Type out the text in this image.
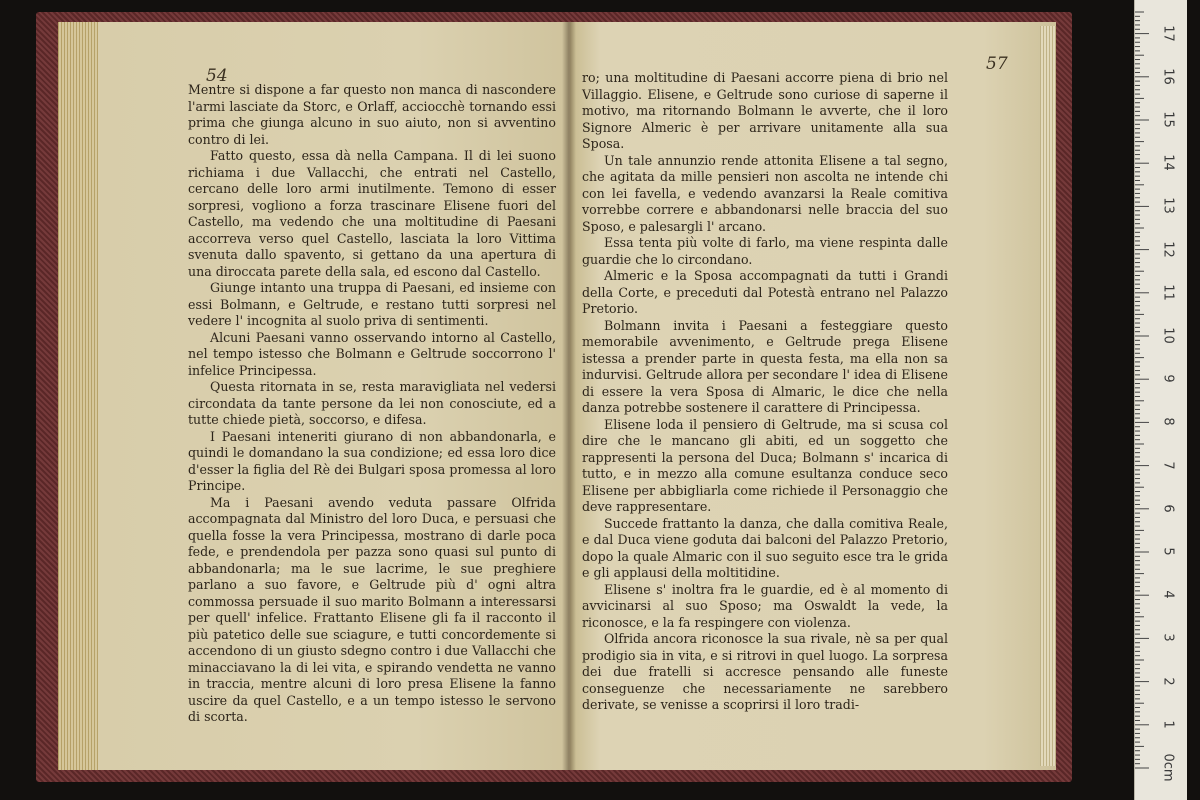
54

Mentre si dispone a far questo non manca di nascondere l'armi lasciate da Storc, e Orlaff, acciocchè tornando essi prima che giunga alcuno in suo aiuto, non si avventino contro di lei.

Fatto questo, essa dà nella Campana. Il di lei suono richiama i due Vallacchi, che entrati nel Castello, cercano delle loro armi inutilmente. Temono di esser sorpresi, vogliono a forza trascinare Elisene fuori del Castello, ma vedendo che una moltitudine di Paesani accorreva verso quel Castello, lasciata la loro Vittima svenuta dallo spavento, si gettano da una apertura di una diroccata parete della sala, ed escono dal Castello.

Giunge intanto una truppa di Paesani, ed insieme con essi Bolmann, e Geltrude, e restano tutti sorpresi nel vedere l' incognita al suolo priva di sentimenti.

Alcuni Paesani vanno osservando intorno al Castello, nel tempo istesso che Bolmann e Geltrude soccorrono l' infelice Principessa.

Questa ritornata in se, resta maravigliata nel vedersi circondata da tante persone da lei non conosciute, ed a tutte chiede pietà, soccorso, e difesa.

I Paesani inteneriti giurano di non abbandonarla, e quindi le domandano la sua condizione; ed essa loro dice d'esser la figlia del Rè dei Bulgari sposa promessa al loro Principe.

Ma i Paesani avendo veduta passare Olfrida accompagnata dal Ministro del loro Duca, e persuasi che quella fosse la vera Principessa, mostrano di darle poca fede, e prendendola per pazza sono quasi sul punto di abbandonarla; ma le sue lacrime, le sue preghiere parlano a suo favore, e Geltrude più d' ogni altra commossa persuade il suo marito Bolmann a interessarsi per quell' infelice. Frattanto Elisene gli fa il racconto il più patetico delle sue sciagure, e tutti concordemente si accendono di un giusto sdegno contro i due Vallacchi che minacciavano la di lei vita, e spirando vendetta ne vanno in traccia, mentre alcuni di loro presa Elisene la fanno uscire da quel Castello, e a un tempo istesso le servono di scorta.

57

ro; una moltitudine di Paesani accorre piena di brio nel Villaggio. Elisene, e Geltrude sono curiose di saperne il motivo, ma ritornando Bolmann le avverte, che il loro Signore Almeric è per arrivare unitamente alla sua Sposa.

Un tale annunzio rende attonita Elisene a tal segno, che agitata da mille pensieri non ascolta ne intende chi con lei favella, e vedendo avanzarsi la Reale comitiva vorrebbe correre e abbandonarsi nelle braccia del suo Sposo, e palesargli l' arcano.

Essa tenta più volte di farlo, ma viene respinta dalle guardie che lo circondano.

Almeric e la Sposa accompagnati da tutti i Grandi della Corte, e preceduti dal Potestà entrano nel Palazzo Pretorio.

Bolmann invita i Paesani a festeggiare questo memorabile avvenimento, e Geltrude prega Elisene istessa a prender parte in questa festa, ma ella non sa indurvisi. Geltrude allora per secondare l' idea di Elisene di essere la vera Sposa di Almaric, le dice che nella danza potrebbe sostenere il carattere di Principessa.

Elisene loda il pensiero di Geltrude, ma si scusa col dire che le mancano gli abiti, ed un soggetto che rappresenti la persona del Duca; Bolmann s' incarica di tutto, e in mezzo alla comune esultanza conduce seco Elisene per abbigliarla come richiede il Personaggio che deve rappresentare.

Succede frattanto la danza, che dalla comitiva Reale, e dal Duca viene goduta dai balconi del Palazzo Pretorio, dopo la quale Almaric con il suo seguito esce tra le grida e gli applausi della moltitidine.

Elisene s' inoltra fra le guardie, ed è al momento di avvicinarsi al suo Sposo; ma Oswaldt la vede, la riconosce, e la fa respingere con violenza.

Olfrida ancora riconosce la sua rivale, nè sa per qual prodigio sia in vita, e si ritrovi in quel luogo. La sorpresa dei due fratelli si accresce pensando alle funeste conseguenze che necessariamente ne sarebbero derivate, se venisse a scoprirsi il loro tradi-

0cm
1
2
3
4
5
6
7
8
9
10
11
12
13
14
15
16
17
